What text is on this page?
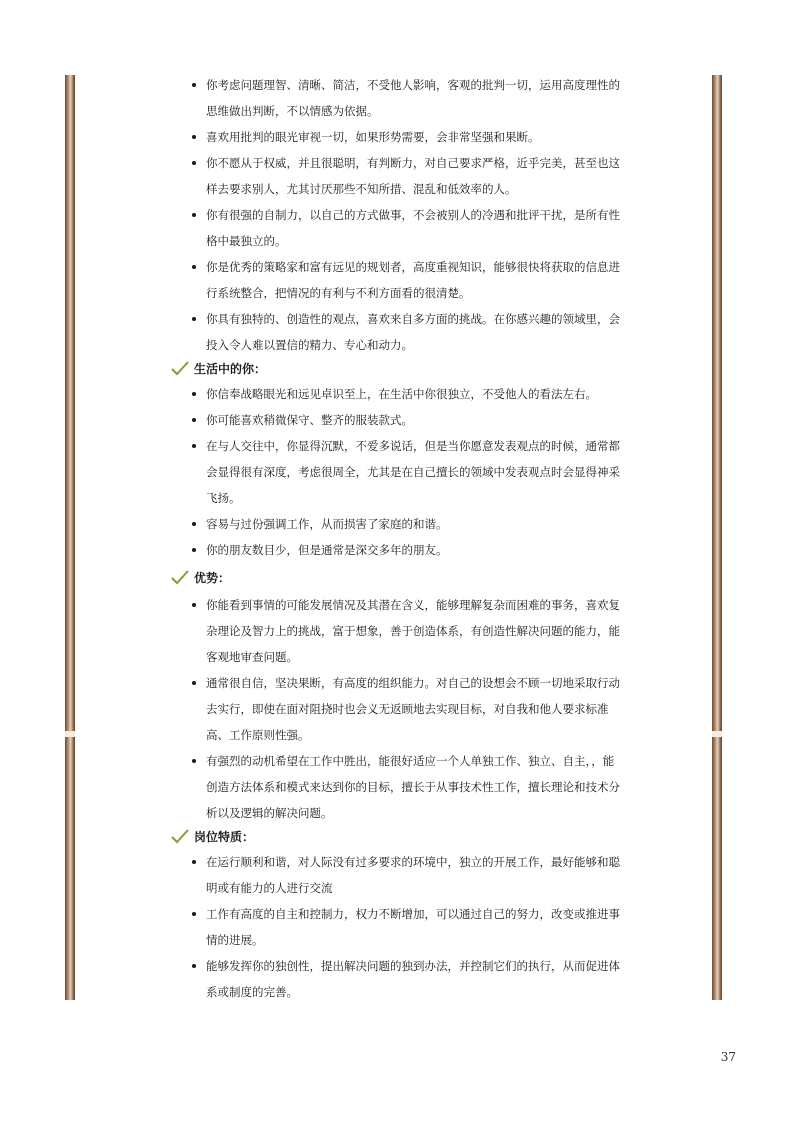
你考虑问题理智、清晰、简洁，不受他人影响，客观的批判一切，运用高度理性的思维做出判断，不以情感为依据。
喜欢用批判的眼光审视一切，如果形势需要，会非常坚强和果断。
你不愿从于权威，并且很聪明，有判断力，对自己要求严格，近乎完美，甚至也这样去要求别人，尤其讨厌那些不知所措、混乱和低效率的人。
你有很强的自制力，以自己的方式做事，不会被别人的冷遇和批评干扰，是所有性格中最独立的。
你是优秀的策略家和富有远见的规划者，高度重视知识，能够很快将获取的信息进行系统整合，把情况的有利与不利方面看的很清楚。
你具有独特的、创造性的观点，喜欢来自多方面的挑战。在你感兴趣的领域里，会投入令人难以置信的精力、专心和动力。
生活中的你：
你信奉战略眼光和远见卓识至上，在生活中你很独立，不受他人的看法左右。
你可能喜欢稍微保守、整齐的服装款式。
在与人交往中，你显得沉默，不爱多说话，但是当你愿意发表观点的时候，通常都会显得很有深度，考虑很周全，尤其是在自己擅长的领域中发表观点时会显得神采飞扬。
容易与过份强调工作，从而损害了家庭的和谐。
你的朋友数目少，但是通常是深交多年的朋友。
优势：
你能看到事情的可能发展情况及其潜在含义，能够理解复杂而困难的事务，喜欢复杂理论及智力上的挑战，富于想象，善于创造体系，有创造性解决问题的能力，能客观地审查问题。
通常很自信，坚决果断，有高度的组织能力。对自己的设想会不顾一切地采取行动去实行，即使在面对阻挠时也会义无返顾地去实现目标，对自我和他人要求标准高、工作原则性强。
有强烈的动机希望在工作中胜出，能很好适应一个人单独工作、独立、自主，，能创造方法体系和模式来达到你的目标，擅长于从事技术性工作，擅长理论和技术分析以及逻辑的解决问题。
岗位特质：
在运行顺利和谐，对人际没有过多要求的环境中，独立的开展工作，最好能够和聪明或有能力的人进行交流
工作有高度的自主和控制力，权力不断增加，可以通过自己的努力，改变或推进事情的进展。
能够发挥你的独创性，提出解决问题的独到办法，并控制它们的执行，从而促进体系或制度的完善。
37
